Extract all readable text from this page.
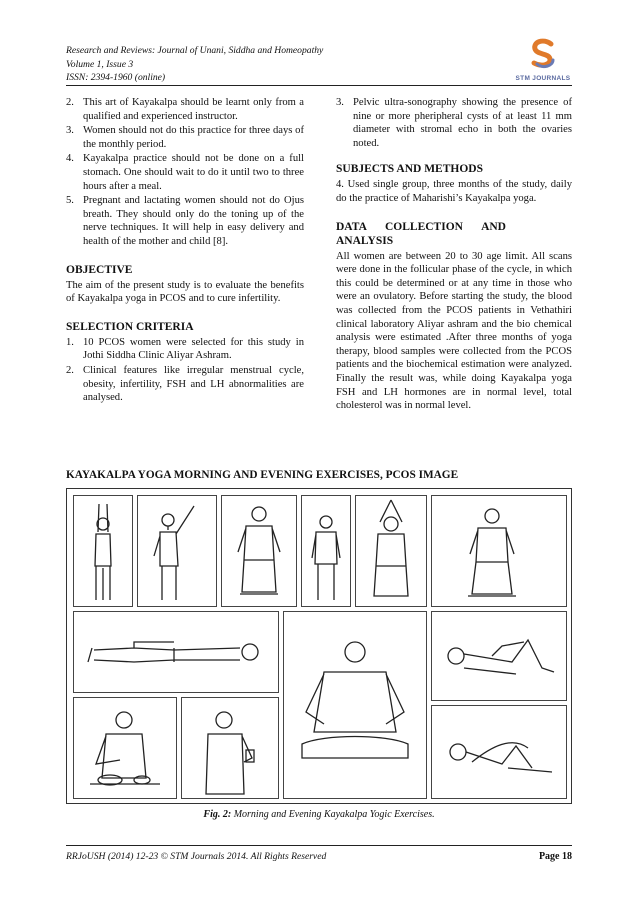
Research and Reviews: Journal of Unani, Siddha and Homeopathy
Volume 1, Issue 3
ISSN: 2394-1960 (online)	STM JOURNALS
2. This art of Kayakalpa should be learnt only from a qualified and experienced instructor.
3. Women should not do this practice for three days of the monthly period.
4. Kayakalpa practice should not be done on a full stomach. One should wait to do it until two to three hours after a meal.
5. Pregnant and lactating women should not do Ojus breath. They should only do the toning up of the nerve techniques. It will help in easy delivery and health of the mother and child [8].
OBJECTIVE

The aim of the present study is to evaluate the benefits of Kayakalpa yoga in PCOS and to cure infertility.

SELECTION CRITERIA
1. 10 PCOS women were selected for this study in Jothi Siddha Clinic Aliyar Ashram.
2. Clinical features like irregular menstrual cycle, obesity, infertility, FSH and LH abnormalities are analysed.
3. Pelvic ultra-sonography showing the presence of nine or more pheripheral cysts of at least 11 mm diameter with stromal echo in both the ovaries noted.
SUBJECTS AND METHODS

4. Used single group, three months of the study, daily do the practice of Maharishi’s Kayakalpa yoga.

DATA COLLECTION AND ANALYSIS

All women are between 20 to 30 age limit. All scans were done in the follicular phase of the cycle, in which this could be determined or at any time in those who were an ovulatory. Before starting the study, the blood was collected from the PCOS patients in Vethathiri clinical laboratory Aliyar ashram and the bio chemical analysis were estimated .After three months of yoga therapy, blood samples were collected from the PCOS patients and the biochemical estimation were analyzed. Finally the result was, while doing Kayakalpa yoga FSH and LH hormones are in normal level, total cholesterol was in normal level.

KAYAKALPA YOGA MORNING AND EVENING EXERCISES, PCOS IMAGE
Fig. 2: Morning and Evening Kayakalpa Yogic Exercises.
RRJoUSH (2014) 12-23 © STM Journals 2014. All Rights Reserved	Page 18
